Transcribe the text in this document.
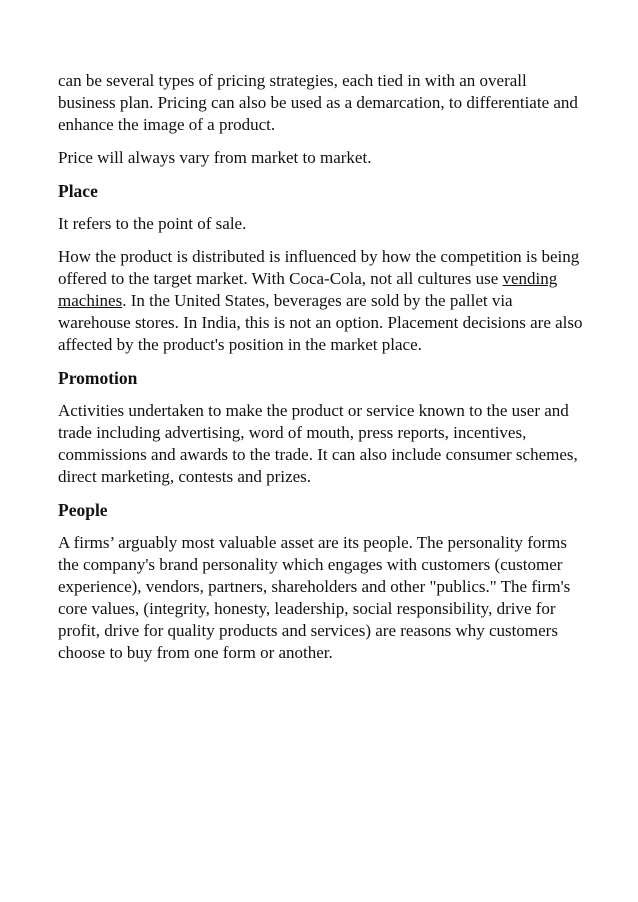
can be several types of pricing strategies, each tied in with an overall business plan. Pricing can also be used as a demarcation, to differentiate and enhance the image of a product.

Price will always vary from market to market.

Place

It refers to the point of sale.

How the product is distributed is influenced by how the competition is being offered to the target market. With Coca-Cola, not all cultures use vending machines. In the United States, beverages are sold by the pallet via warehouse stores. In India, this is not an option. Placement decisions are also affected by the product's position in the market place.

Promotion

Activities undertaken to make the product or service known to the user and trade including advertising, word of mouth, press reports, incentives, commissions and awards to the trade. It can also include consumer schemes, direct marketing, contests and prizes.

People

A firms’ arguably most valuable asset are its people. The personality forms the company's brand personality which engages with customers (customer experience), vendors, partners, shareholders and other "publics." The firm's core values, (integrity, honesty, leadership, social responsibility, drive for profit, drive for quality products and services) are reasons why customers choose to buy from one form or another.
